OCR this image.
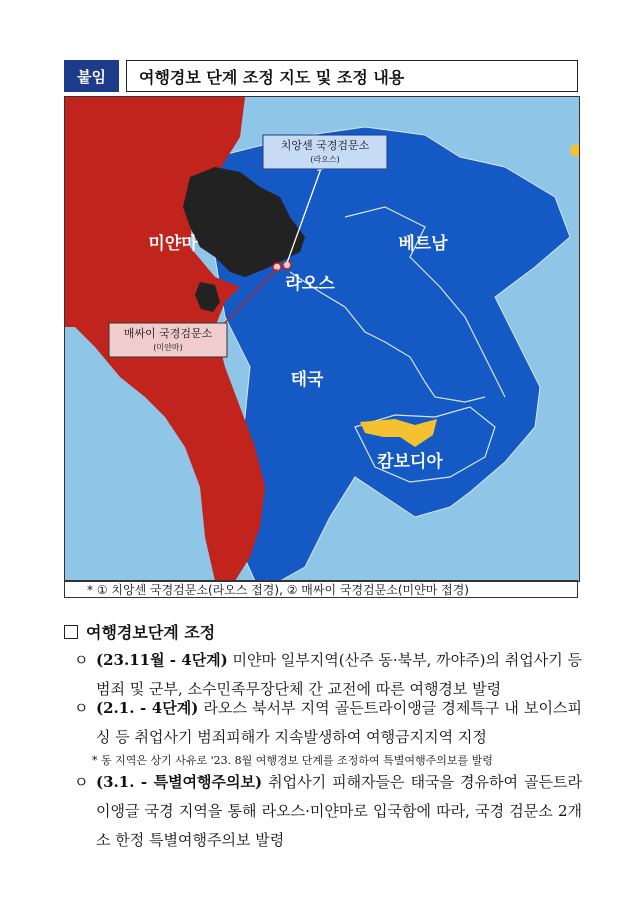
붙임	여행경보 단계 조정 지도 및 조정 내용
치앙센 국경검문소
(라오스)
매싸이 국경검문소
(미얀마)
미얀마
라오스
베트남
태국
캄보디아
* ① 치앙센 국경검문소(라오스 접경), ② 매싸이 국경검문소(미얀마 접경)
여행경보단계 조정
ㅇ (23.11월 - 4단계) 미얀마 일부지역(산주 동·북부, 까야주)의 취업사기 등 범죄 및 군부, 소수민족무장단체 간 교전에 따른 여행경보 발령
ㅇ (2.1. - 4단계) 라오스 북서부 지역 골든트라이앵글 경제특구 내 보이스피싱 등 취업사기 범죄피해가 지속발생하여 여행금지지역 지정
* 동 지역은 상기 사유로 '23. 8월 여행경보 단계를 조정하여 특별여행주의보를 발령
ㅇ (3.1. - 특별여행주의보) 취업사기 피해자들은 태국을 경유하여 골든트라이앵글 국경 지역을 통해 라오스·미얀마로 입국함에 따라, 국경 검문소 2개소 한정 특별여행주의보 발령
